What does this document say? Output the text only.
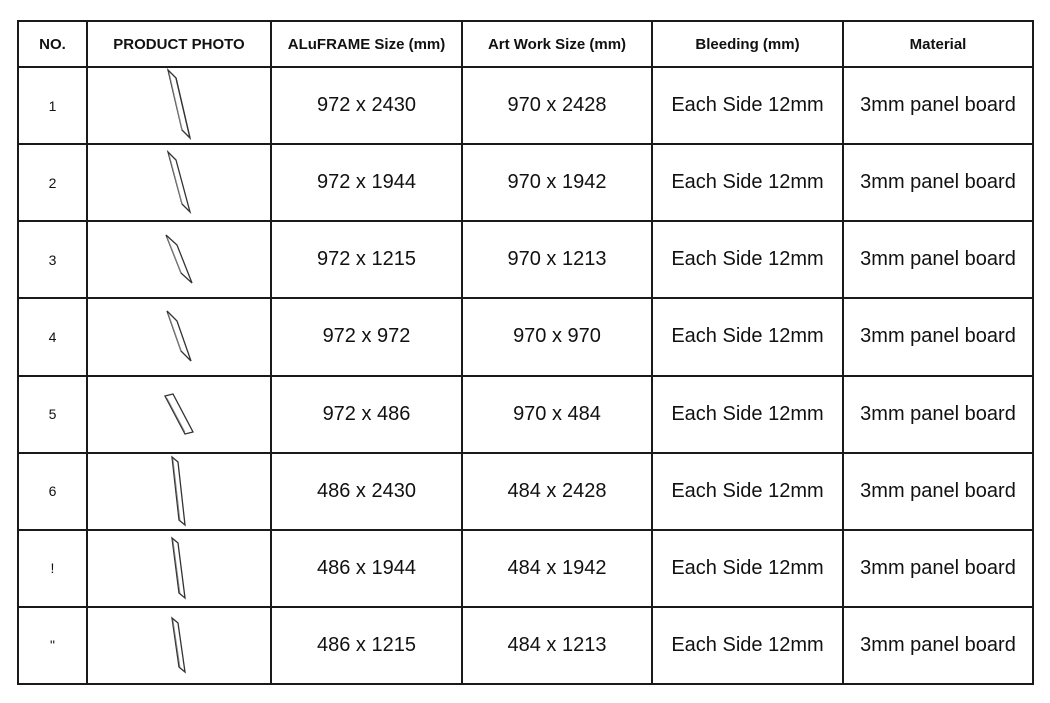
NO.	PRODUCT PHOTO	ALuFRAME Size (mm)	Art Work Size (mm)	Bleeding (mm)	Material
1		972 x 2430	970 x 2428	Each Side 12mm	3mm panel board
2		972 x 1944	970 x 1942	Each Side 12mm	3mm panel board
3		972 x 1215	970 x 1213	Each Side 12mm	3mm panel board
4		972 x 972	970 x 970	Each Side 12mm	3mm panel board
5		972 x 486	970 x 484	Each Side 12mm	3mm panel board
6		486 x 2430	484 x 2428	Each Side 12mm	3mm panel board
!		486 x 1944	484 x 1942	Each Side 12mm	3mm panel board
"		486 x 1215	484 x 1213	Each Side 12mm	3mm panel board
